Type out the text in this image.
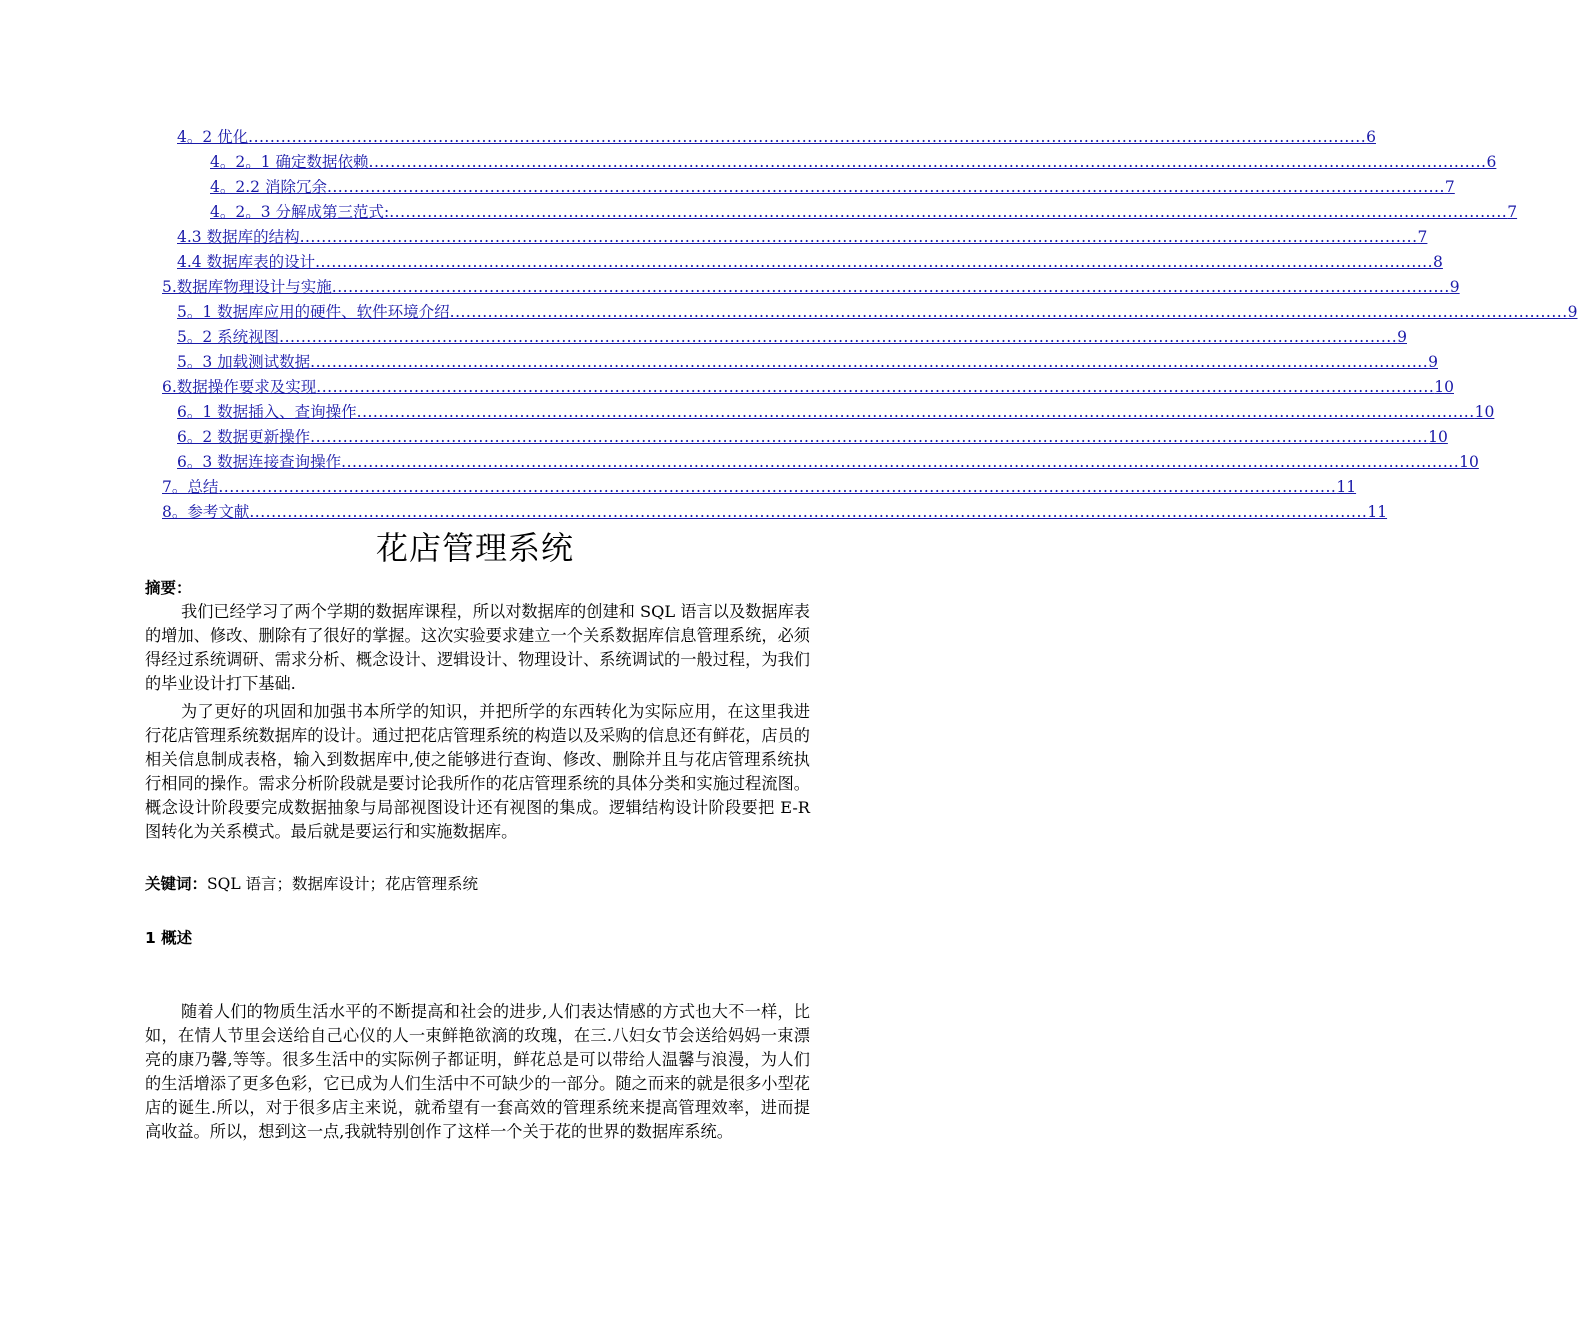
4。2 优化 .............................................................................................................................................................................................................. 6
4。2。1 确定数据依赖 .............................................................................................................................................................................................................. 6
4。2.2 消除冗余 .............................................................................................................................................................................................................. 7
4。2。3 分解成第三范式: .............................................................................................................................................................................................................. 7
4.3 数据库的结构 .............................................................................................................................................................................................................. 7
4.4 数据库表的设计 .............................................................................................................................................................................................................. 8
5.数据库物理设计与实施 .............................................................................................................................................................................................................. 9
5。1 数据库应用的硬件、软件环境介绍 .............................................................................................................................................................................................................. 9
5。2 系统视图 .............................................................................................................................................................................................................. 9
5。3 加载测试数据 .............................................................................................................................................................................................................. 9
6.数据操作要求及实现 .............................................................................................................................................................................................................. 10
6。1 数据插入、查询操作 .............................................................................................................................................................................................................. 10
6。2 数据更新操作 .............................................................................................................................................................................................................. 10
6。3 数据连接查询操作 .............................................................................................................................................................................................................. 10
7。总结 .............................................................................................................................................................................................................. 11
8。参考文献 .............................................................................................................................................................................................................. 11
花店管理系统
摘要：
我们已经学习了两个学期的数据库课程，所以对数据库的创建和 SQL 语言以及数据库表的增加、修改、删除有了很好的掌握。这次实验要求建立一个关系数据库信息管理系统，必须得经过系统调研、需求分析、概念设计、逻辑设计、物理设计、系统调试的一般过程，为我们的毕业设计打下基础.
为了更好的巩固和加强书本所学的知识，并把所学的东西转化为实际应用，在这里我进行花店管理系统数据库的设计。通过把花店管理系统的构造以及采购的信息还有鲜花，店员的相关信息制成表格，输入到数据库中,使之能够进行查询、修改、删除并且与花店管理系统执行相同的操作。需求分析阶段就是要讨论我所作的花店管理系统的具体分类和实施过程流图。概念设计阶段要完成数据抽象与局部视图设计还有视图的集成。逻辑结构设计阶段要把 E-R 图转化为关系模式。最后就是要运行和实施数据库。
关键词：SQL 语言；数据库设计；花店管理系统
1 概述
随着人们的物质生活水平的不断提高和社会的进步,人们表达情感的方式也大不一样，比如，在情人节里会送给自己心仪的人一束鲜艳欲滴的玫瑰，在三.八妇女节会送给妈妈一束漂亮的康乃馨,等等。很多生活中的实际例子都证明，鲜花总是可以带给人温馨与浪漫，为人们的生活增添了更多色彩，它已成为人们生活中不可缺少的一部分。随之而来的就是很多小型花店的诞生.所以，对于很多店主来说，就希望有一套高效的管理系统来提高管理效率，进而提高收益。所以，想到这一点,我就特别创作了这样一个关于花的世界的数据库系统。
